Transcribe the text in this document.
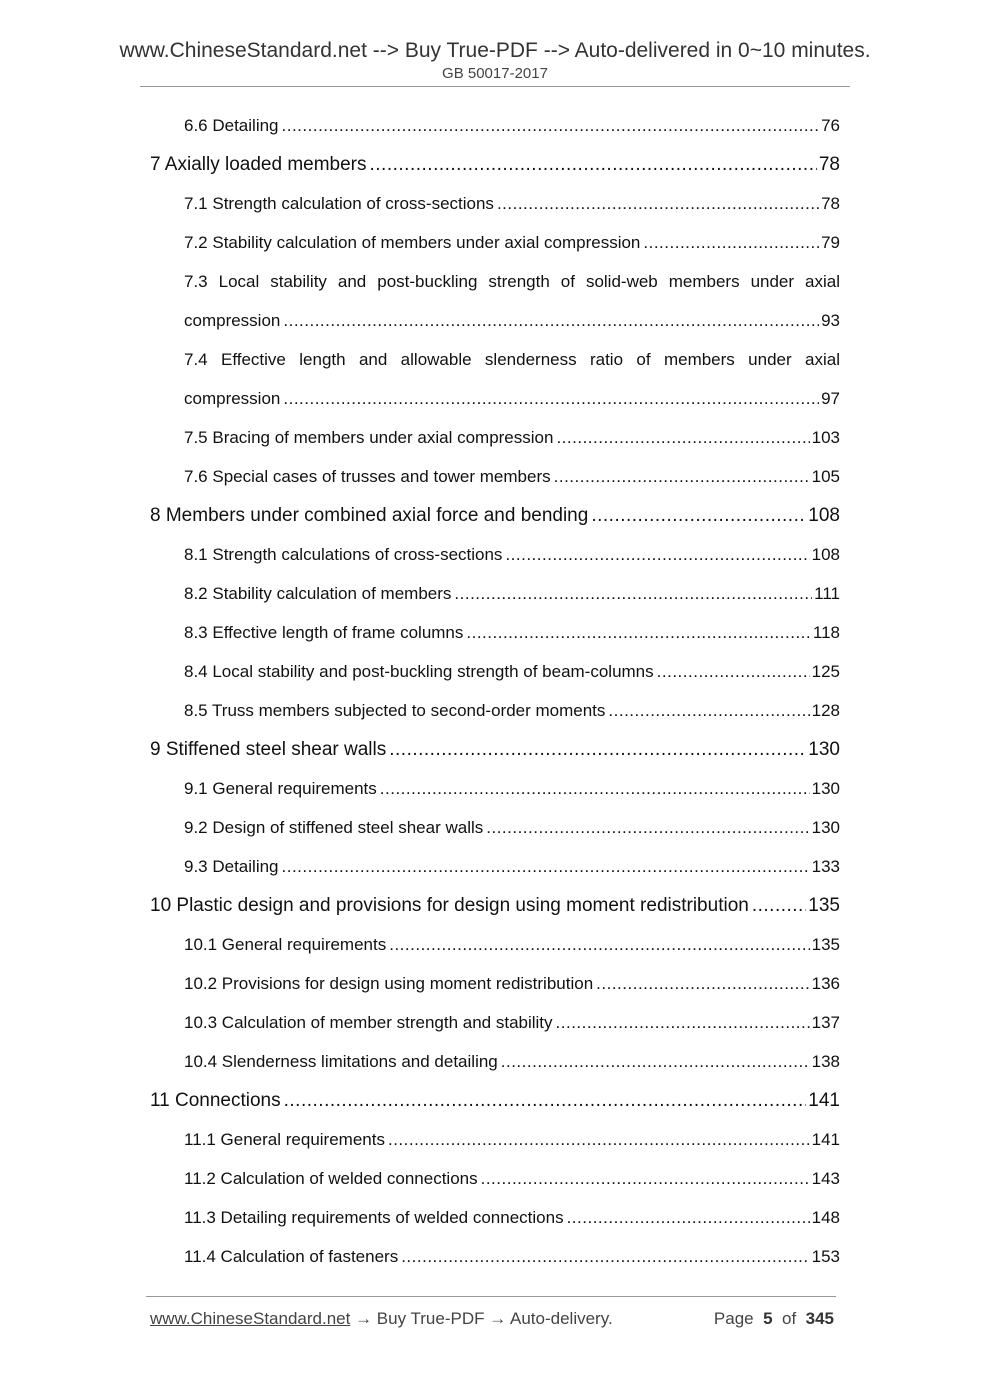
www.ChineseStandard.net --> Buy True-PDF --> Auto-delivered in 0~10 minutes.
GB 50017-2017
6.6 Detailing .....	76
7 Axially loaded members .....	78
7.1 Strength calculation of cross-sections .....	78
7.2 Stability calculation of members under axial compression .....	79
7.3 Local stability and post-buckling strength of solid-web members under axial
compression .....	93
7.4 Effective length and allowable slenderness ratio of members under axial
compression .....	97
7.5 Bracing of members under axial compression .....	103
7.6 Special cases of trusses and tower members .....	105
8 Members under combined axial force and bending .....	108
8.1 Strength calculations of cross-sections .....	108
8.2 Stability calculation of members .....	111
8.3 Effective length of frame columns .....	118
8.4 Local stability and post-buckling strength of beam-columns .....	125
8.5 Truss members subjected to second-order moments .....	128
9 Stiffened steel shear walls .....	130
9.1 General requirements .....	130
9.2 Design of stiffened steel shear walls .....	130
9.3 Detailing .....	133
10 Plastic design and provisions for design using moment redistribution .....	135
10.1 General requirements .....	135
10.2 Provisions for design using moment redistribution .....	136
10.3 Calculation of member strength and stability .....	137
10.4 Slenderness limitations and detailing .....	138
11 Connections .....	141
11.1 General requirements .....	141
11.2 Calculation of welded connections .....	143
11.3 Detailing requirements of welded connections .....	148
11.4 Calculation of fasteners .....	153
www.ChineseStandard.net → Buy True-PDF → Auto-delivery.	Page 5 of 345
